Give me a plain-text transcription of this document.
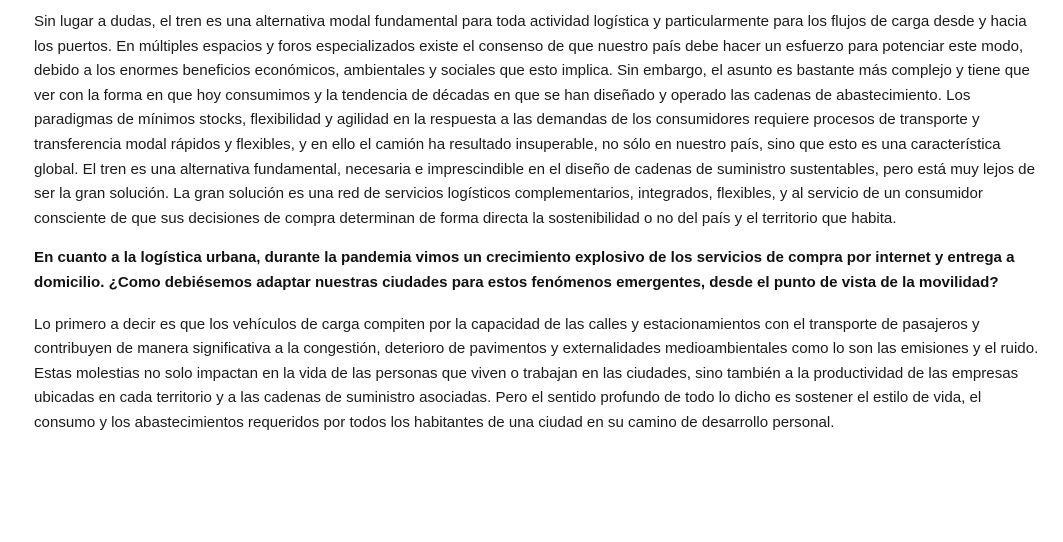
Sin lugar a dudas, el tren es una alternativa modal fundamental para toda actividad logística y particularmente para los flujos de carga desde y hacia los puertos. En múltiples espacios y foros especializados existe el consenso de que nuestro país debe hacer un esfuerzo para potenciar este modo, debido a los enormes beneficios económicos, ambientales y sociales que esto implica. Sin embargo, el asunto es bastante más complejo y tiene que ver con la forma en que hoy consumimos y la tendencia de décadas en que se han diseñado y operado las cadenas de abastecimiento. Los paradigmas de mínimos stocks, flexibilidad y agilidad en la respuesta a las demandas de los consumidores requiere procesos de transporte y transferencia modal rápidos y flexibles, y en ello el camión ha resultado insuperable, no sólo en nuestro país, sino que esto es una característica global. El tren es una alternativa fundamental, necesaria e imprescindible en el diseño de cadenas de suministro sustentables, pero está muy lejos de ser la gran solución. La gran solución es una red de servicios logísticos complementarios, integrados, flexibles, y al servicio de un consumidor consciente de que sus decisiones de compra determinan de forma directa la sostenibilidad o no del país y el territorio que habita.

En cuanto a la logística urbana, durante la pandemia vimos un crecimiento explosivo de los servicios de compra por internet y entrega a domicilio. ¿Como debiésemos adaptar nuestras ciudades para estos fenómenos emergentes, desde el punto de vista de la movilidad?

Lo primero a decir es que los vehículos de carga compiten por la capacidad de las calles y estacionamientos con el transporte de pasajeros y contribuyen de manera significativa a la congestión, deterioro de pavimentos y externalidades medioambientales como lo son las emisiones y el ruido. Estas molestias no solo impactan en la vida de las personas que viven o trabajan en las ciudades, sino también a la productividad de las empresas ubicadas en cada territorio y a las cadenas de suministro asociadas. Pero el sentido profundo de todo lo dicho es sostener el estilo de vida, el consumo y los abastecimientos requeridos por todos los habitantes de una ciudad en su camino de desarrollo personal.
